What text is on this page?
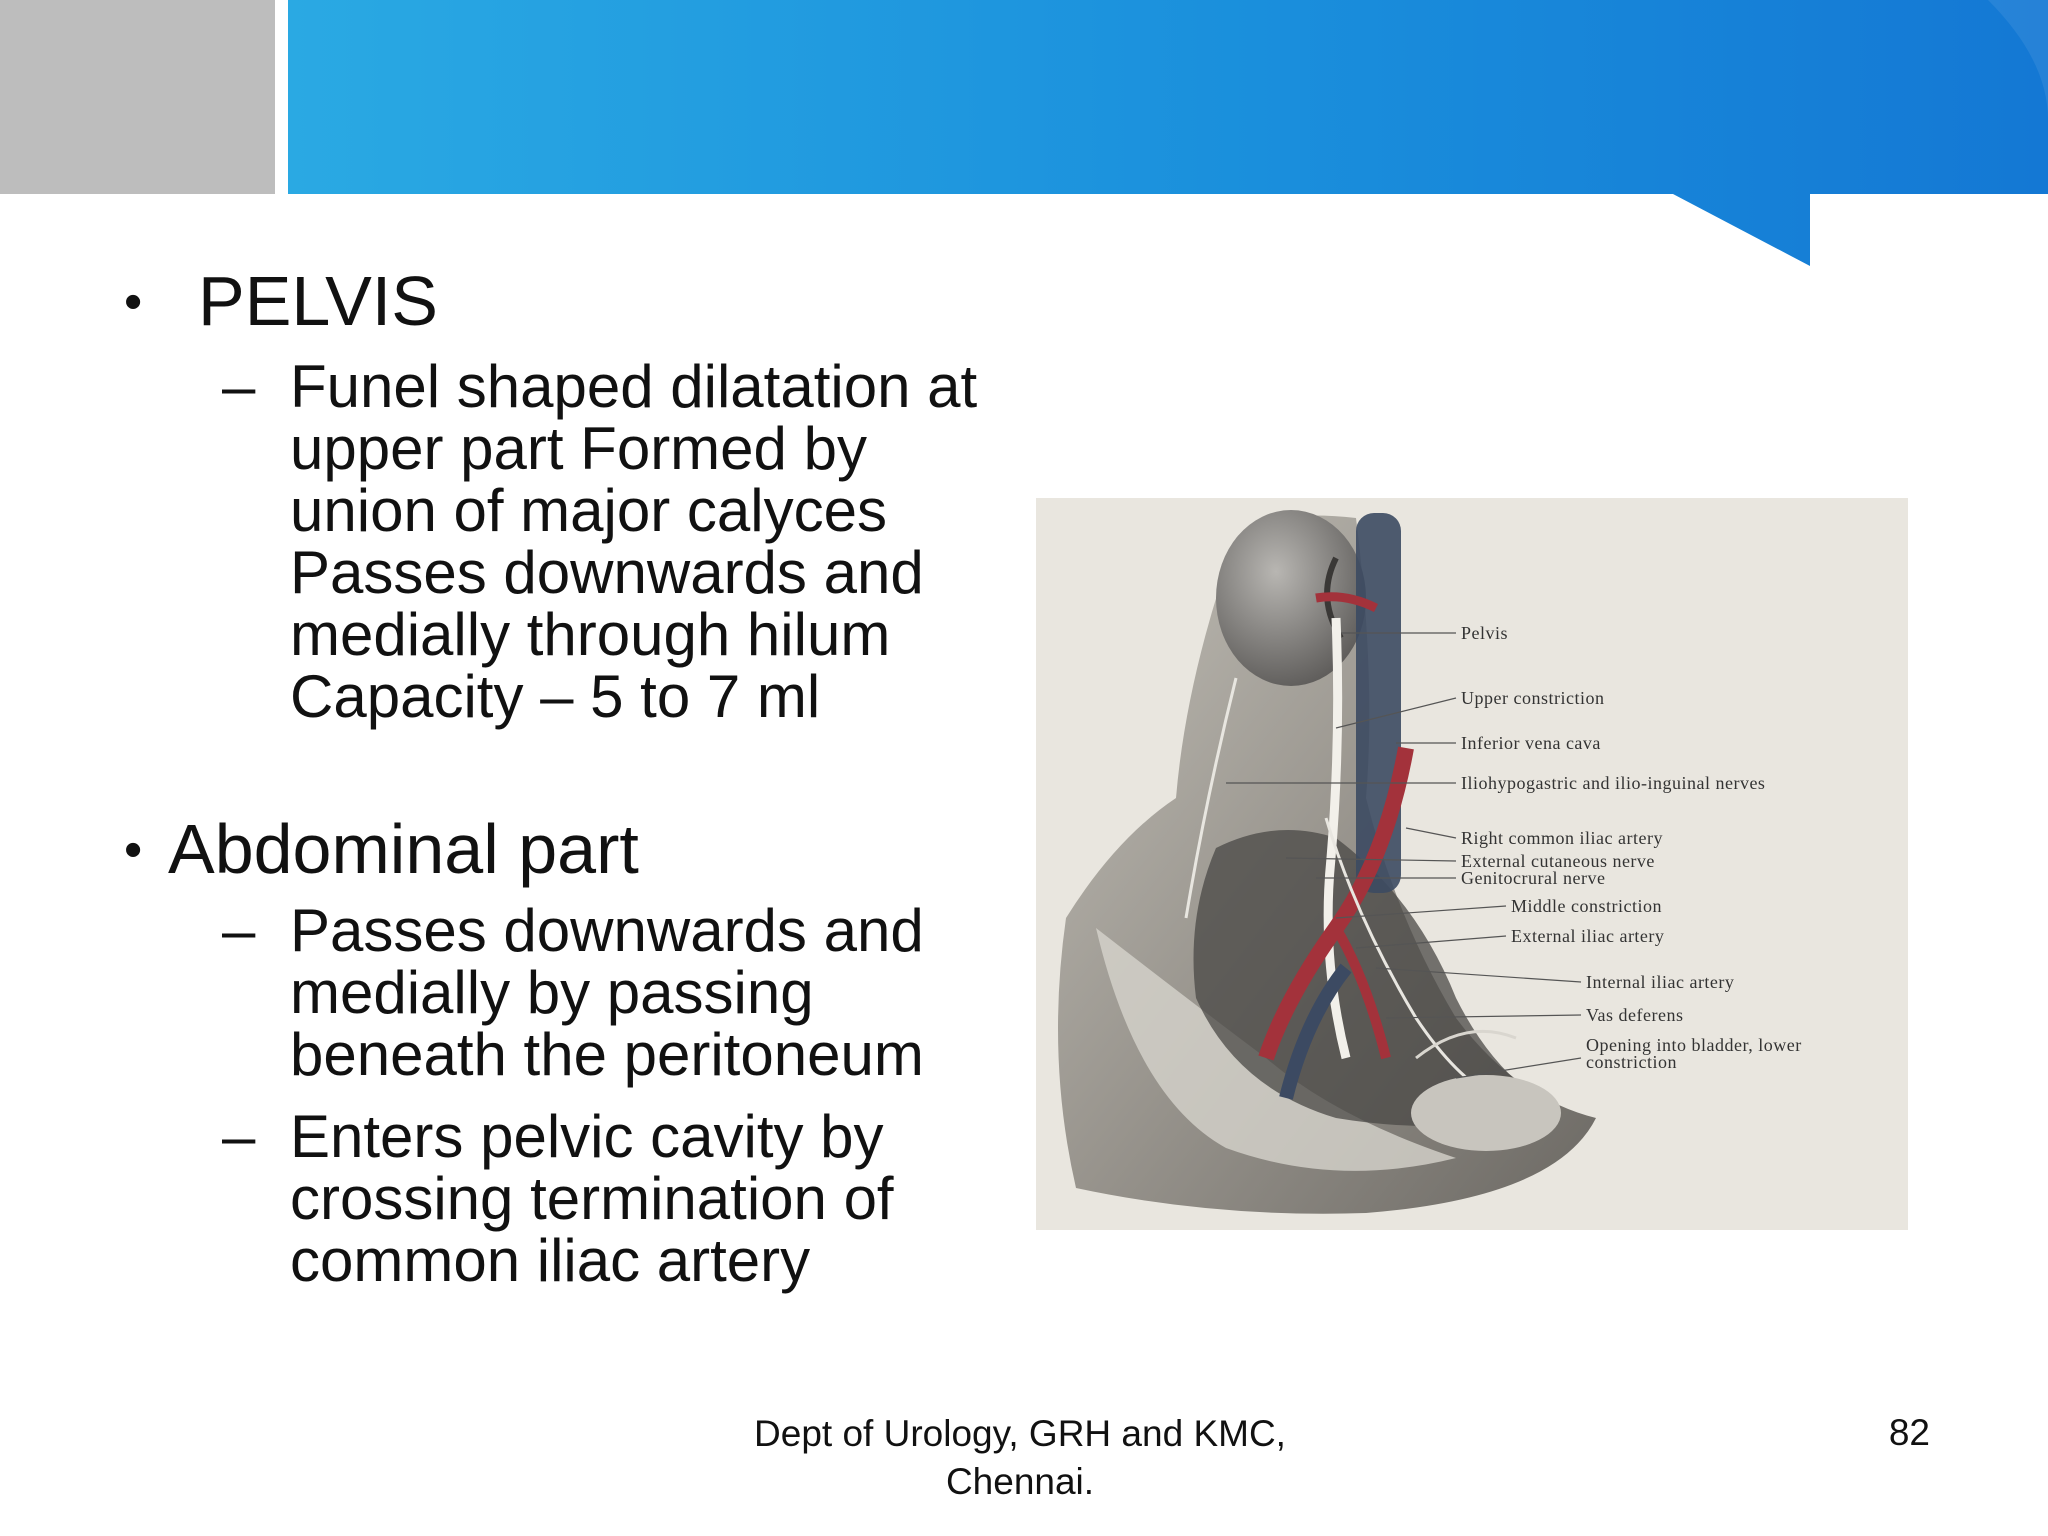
• PELVIS
– Funel shaped dilatation at upper part Formed by union of major calyces Passes downwards and medially through hilum Capacity – 5 to 7 ml
• Abdominal part
– Passes downwards and medially by passing beneath the peritoneum
– Enters pelvic cavity by crossing termination of common iliac artery
Pelvis
Upper constriction
Inferior vena cava
Iliohypogastric and ilio-inguinal nerves
Right common iliac artery
External cutaneous nerve
Genitocrural nerve
Middle constriction
External iliac artery
Internal iliac artery
Vas deferens
Opening into bladder, lower
constriction
Dept of Urology, GRH and KMC,
Chennai.
82
